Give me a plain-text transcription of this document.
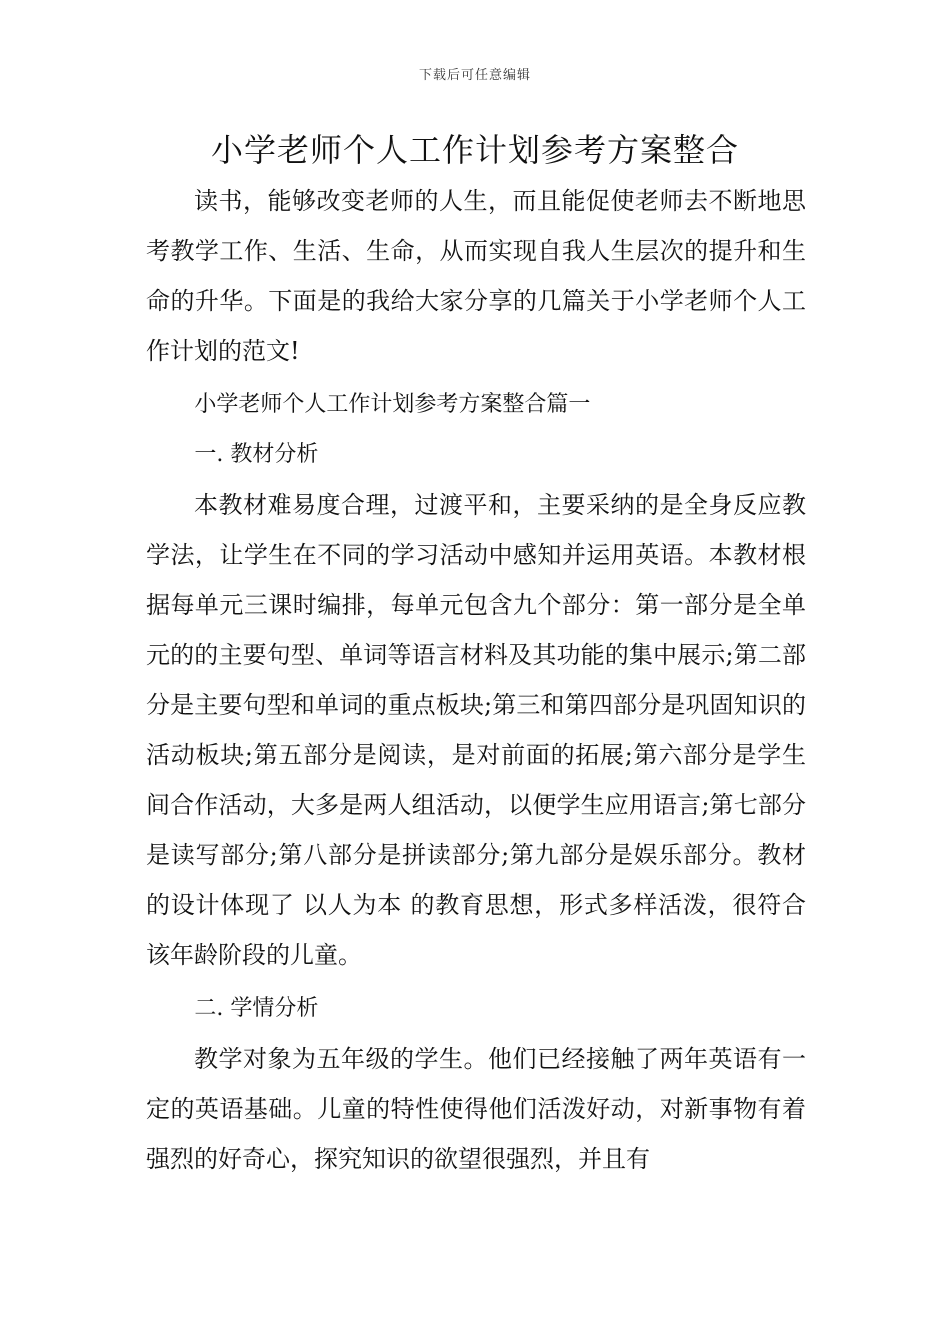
下载后可任意编辑
小学老师个人工作计划参考方案整合

读书，能够改变老师的人生，而且能促使老师去不断地思考教学工作、生活、生命，从而实现自我人生层次的提升和生命的升华。下面是的我给大家分享的几篇关于小学老师个人工作计划的范文!

小学老师个人工作计划参考方案整合篇一

一. 教材分析

本教材难易度合理，过渡平和，主要采纳的是全身反应教学法，让学生在不同的学习活动中感知并运用英语。本教材根据每单元三课时编排，每单元包含九个部分：第一部分是全单元的的主要句型、单词等语言材料及其功能的集中展示;第二部分是主要句型和单词的重点板块;第三和第四部分是巩固知识的活动板块;第五部分是阅读，是对前面的拓展;第六部分是学生间合作活动，大多是两人组活动，以便学生应用语言;第七部分是读写部分;第八部分是拼读部分;第九部分是娱乐部分。教材的设计体现了 以人为本 的教育思想，形式多样活泼，很符合该年龄阶段的儿童。

二. 学情分析

教学对象为五年级的学生。他们已经接触了两年英语有一定的英语基础。儿童的特性使得他们活泼好动，对新事物有着强烈的好奇心，探究知识的欲望很强烈，并且有
